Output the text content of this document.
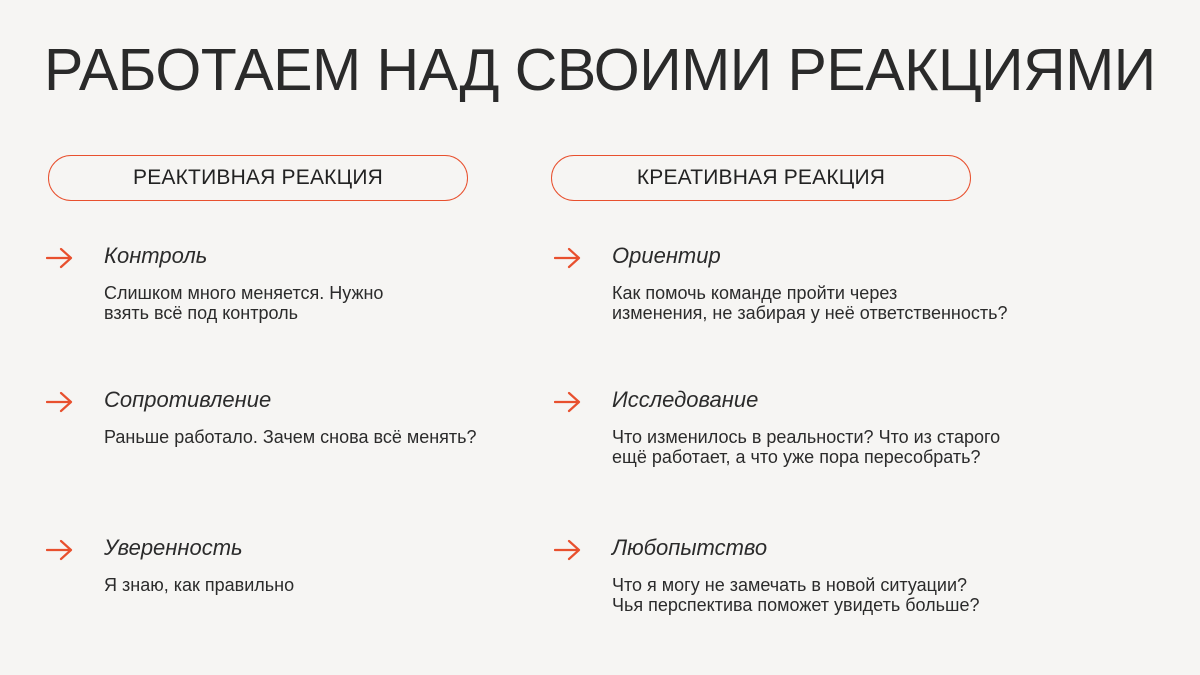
РАБОТАЕМ НАД СВОИМИ РЕАКЦИЯМИ
РЕАКТИВНАЯ РЕАКЦИЯ	КРЕАТИВНАЯ РЕАКЦИЯ
Контроль
Слишком много меняется. Нужно
взять всё под контроль
Сопротивление
Раньше работало. Зачем снова всё менять?
Уверенность
Я знаю, как правильно
Ориентир
Как помочь команде пройти через
изменения, не забирая у неё ответственность?
Исследование
Что изменилось в реальности? Что из старого
ещё работает, а что уже пора пересобрать?
Любопытство
Что я могу не замечать в новой ситуации?
Чья перспектива поможет увидеть больше?
